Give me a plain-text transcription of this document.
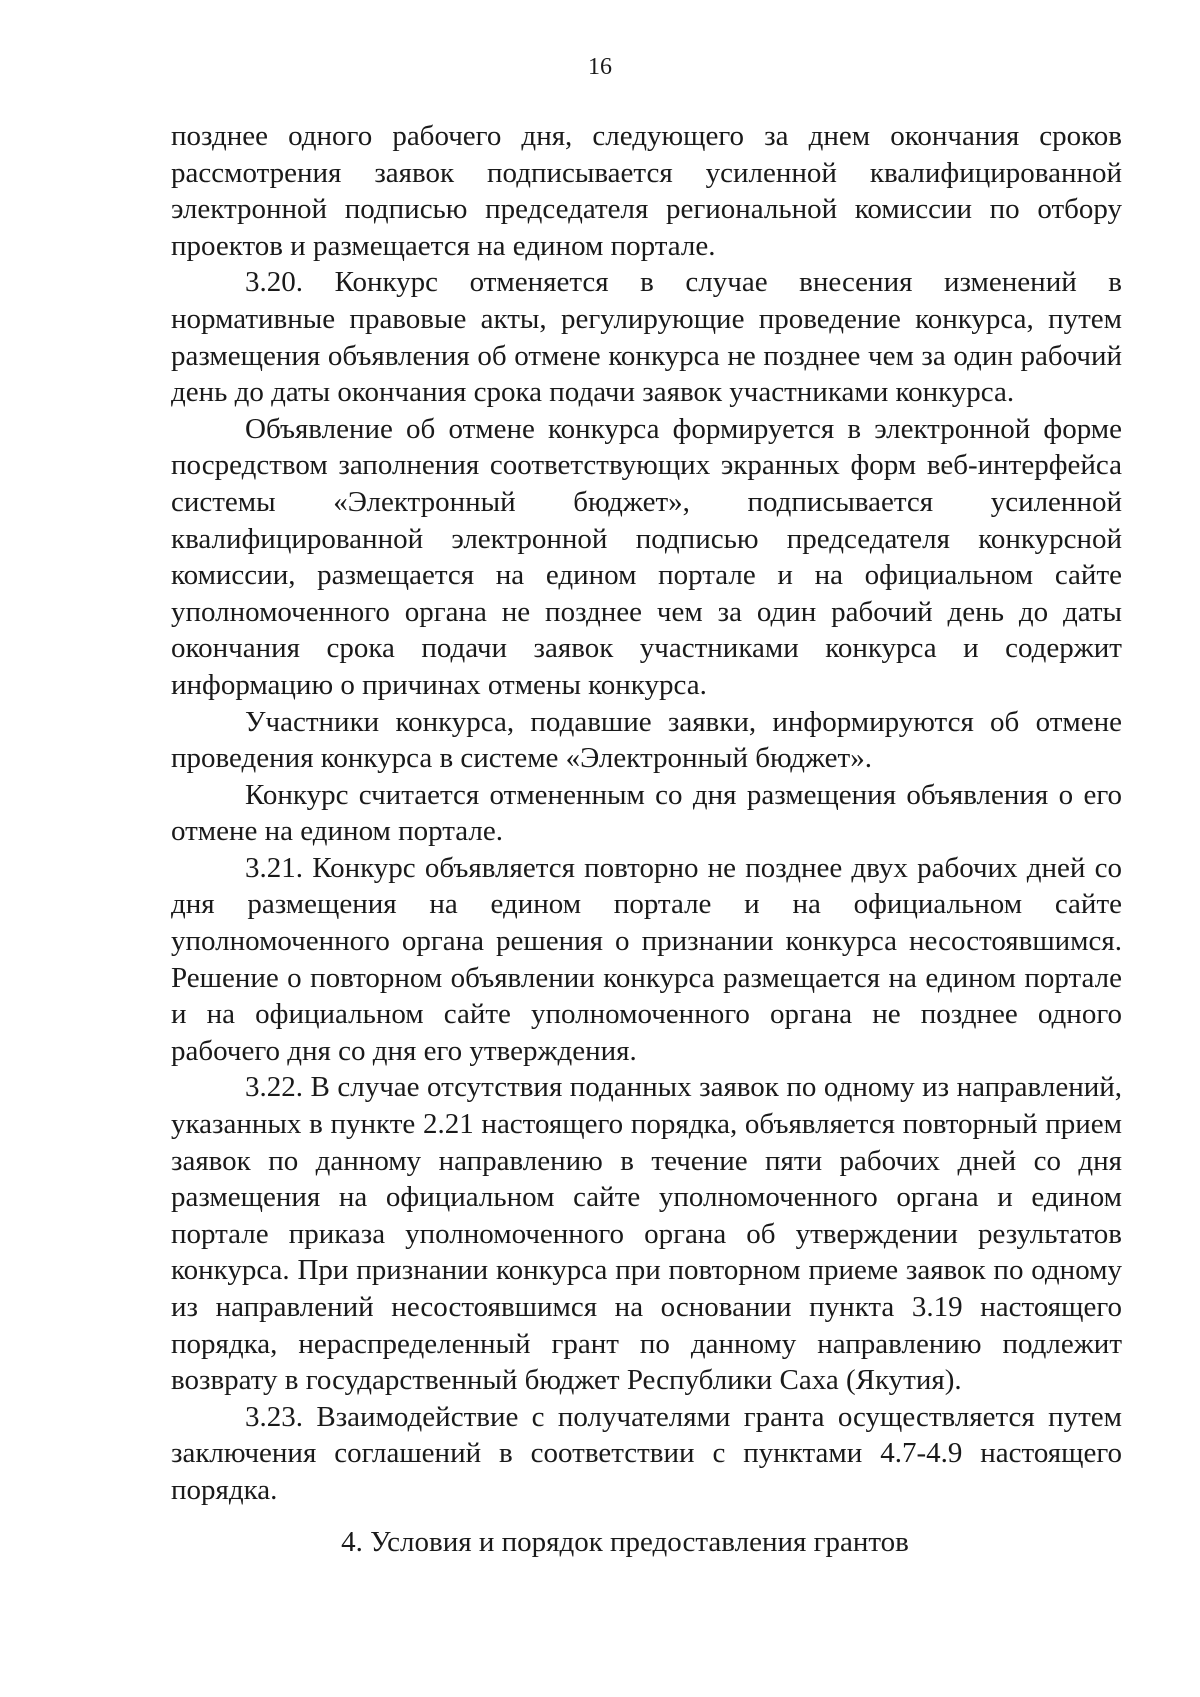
16

позднее одного рабочего дня, следующего за днем окончания сроков рассмотрения заявок подписывается усиленной квалифицированной электронной подписью председателя региональной комиссии по отбору проектов и размещается на едином портале.

3.20. Конкурс отменяется в случае внесения изменений в нормативные правовые акты, регулирующие проведение конкурса, путем размещения объявления об отмене конкурса не позднее чем за один рабочий день до даты окончания срока подачи заявок участниками конкурса.

Объявление об отмене конкурса формируется в электронной форме посредством заполнения соответствующих экранных форм веб-интерфейса системы «Электронный бюджет», подписывается усиленной квалифицированной электронной подписью председателя конкурсной комиссии, размещается на едином портале и на официальном сайте уполномоченного органа не позднее чем за один рабочий день до даты окончания срока подачи заявок участниками конкурса и содержит информацию о причинах отмены конкурса.

Участники конкурса, подавшие заявки, информируются об отмене проведения конкурса в системе «Электронный бюджет».

Конкурс считается отмененным со дня размещения объявления о его отмене на едином портале.

3.21. Конкурс объявляется повторно не позднее двух рабочих дней со дня размещения на едином портале и на официальном сайте уполномоченного органа решения о признании конкурса несостоявшимся. Решение о повторном объявлении конкурса размещается на едином портале и на официальном сайте уполномоченного органа не позднее одного рабочего дня со дня его утверждения.

3.22. В случае отсутствия поданных заявок по одному из направлений, указанных в пункте 2.21 настоящего порядка, объявляется повторный прием заявок по данному направлению в течение пяти рабочих дней со дня размещения на официальном сайте уполномоченного органа и едином портале приказа уполномоченного органа об утверждении результатов конкурса. При признании конкурса при повторном приеме заявок по одному из направлений несостоявшимся на основании пункта 3.19 настоящего порядка, нераспределенный грант по данному направлению подлежит возврату в государственный бюджет Республики Саха (Якутия).

3.23. Взаимодействие с получателями гранта осуществляется путем заключения соглашений в соответствии с пунктами 4.7-4.9 настоящего порядка.

4. Условия и порядок предоставления грантов
